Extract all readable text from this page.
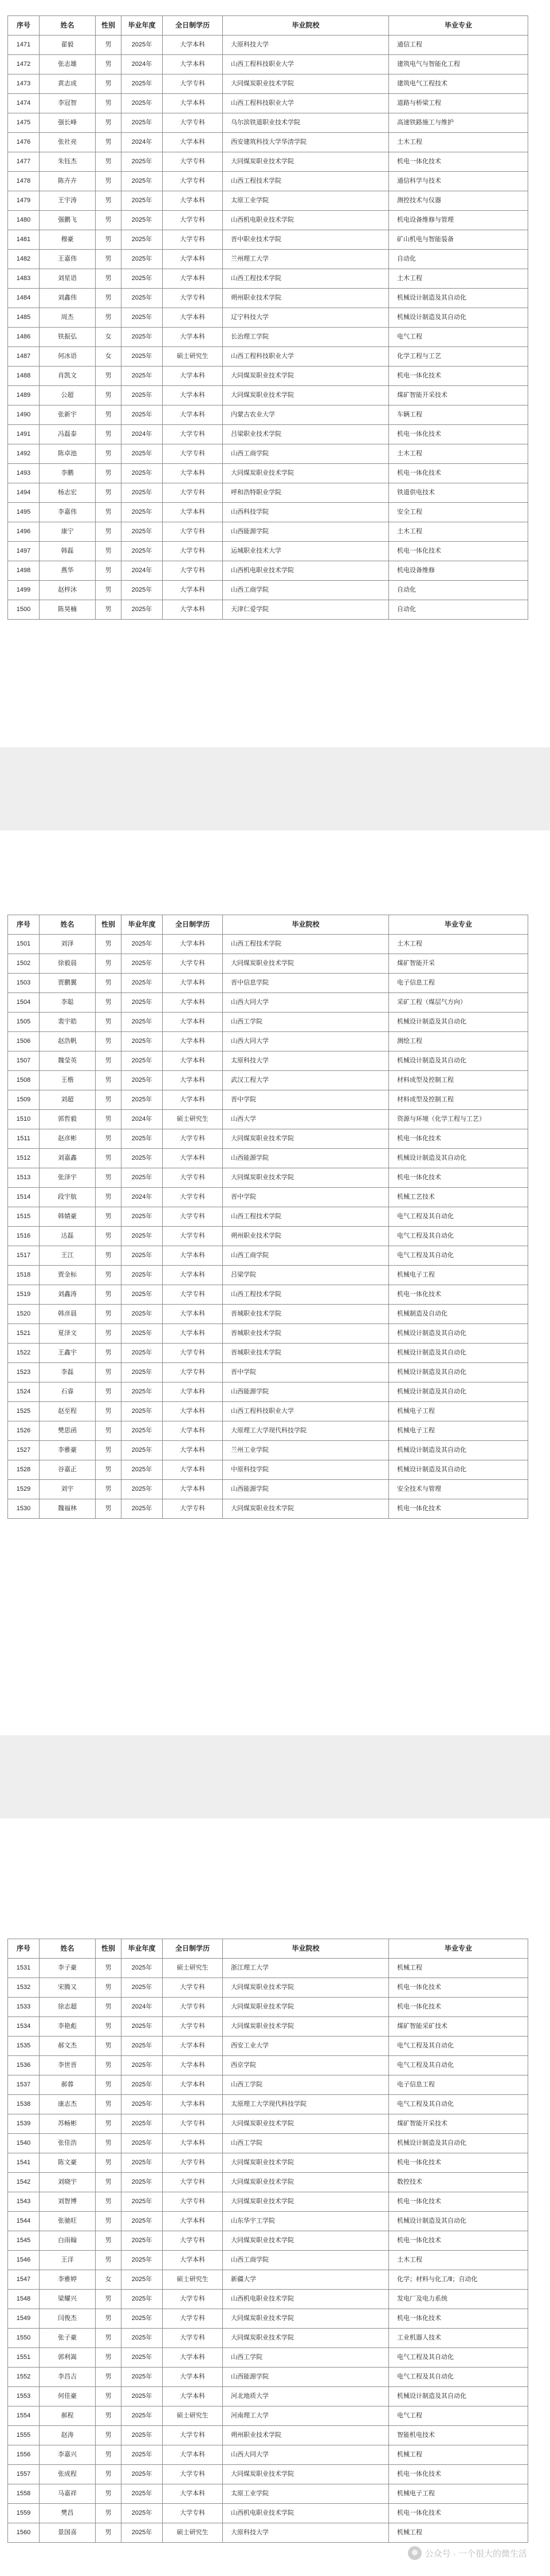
序号	姓名	性别	毕业年度	全日制学历	毕业院校	毕业专业
1471	翟毅	男	2025年	大学本科	大原科技大学	通信工程
1472	张志雄	男	2024年	大学本科	山西工程科技职业大学	建筑电气与智能化工程
1473	黄志成	男	2025年	大学专科	大同煤炭职业技术学院	建筑电气工程技术
1474	李冠智	男	2025年	大学本科	山西工程科技职业大学	道路与桥梁工程
1475	强长峰	男	2025年	大学专科	乌尔滨铁道职业技术学院	高速铁路施工与维护
1476	张社亮	男	2024年	大学本科	西安建筑科技大学华清学院	土木工程
1477	朱钰杰	男	2025年	大学专科	大同煤炭职业技术学院	机电一体化技术
1478	陈卉卉	男	2025年	大学专科	山西工程技术学院	通信科学与技术
1479	王宇涛	男	2025年	大学本科	太原工业学院	测控技术与仪器
1480	强鹏飞	男	2025年	大学专科	山西机电职业技术学院	机电设备维修与管理
1481	穆豪	男	2025年	大学专科	晋中职业技术学院	矿山机电与智能装备
1482	王嘉伟	男	2025年	大学本科	兰州理工大学	自动化
1483	刘星语	男	2025年	大学本科	山西工程技术学院	土木工程
1484	刘鑫伟	男	2025年	大学专科	朔州职业技术学院	机械设计制造及其自动化
1485	周杰	男	2025年	大学本科	辽宁科技大学	机械设计制造及其自动化
1486	铁振弘	女	2025年	大学本科	长治理工学院	电气工程
1487	何冰语	女	2025年	硕士研究生	山西工程科技职业大学	化学工程与工艺
1488	肖凯文	男	2025年	大学本科	大同煤炭职业技术学院	机电一体化技术
1489	公超	男	2025年	大学本科	大同煤炭职业技术学院	煤矿智能开采技术
1490	张新宇	男	2025年	大学本科	内蒙古农业大学	车辆工程
1491	冯磊泰	男	2024年	大学专科	吕梁职业技术学院	机电一体化技术
1492	陈卓池	男	2025年	大学专科	山西工商学院	土木工程
1493	李鹏	男	2025年	大学本科	大同煤炭职业技术学院	机电一体化技术
1494	杨志宏	男	2025年	大学专科	呼和浩特职业学院	铁道供电技术
1495	李嘉伟	男	2025年	大学本科	山西科技学院	安全工程
1496	康宁	男	2025年	大学专科	山西能源学院	土木工程
1497	韩磊	男	2025年	大学专科	运城职业技术大学	机电一体化技术
1498	燕华	男	2024年	大学专科	山西机电职业技术学院	机电设备维修
1499	赵梓沐	男	2025年	大学本科	山西工商学院	自动化
1500	陈昊楠	男	2025年	大学本科	天津仁爱学院	自动化
序号	姓名	性别	毕业年度	全日制学历	毕业院校	毕业专业
1501	刘泽	男	2025年	大学本科	山西工程技术学院	土木工程
1502	徐毅晨	男	2025年	大学专科	大同煤炭职业技术学院	煤矿智能开采
1503	贾鹏翼	男	2025年	大学本科	晋中信息学院	电子信息工程
1504	李聪	男	2025年	大学本科	山西大同大学	采矿工程（煤层气方向）
1505	裴宇皓	男	2025年	大学本科	山西工学院	机械设计制造及其自动化
1506	赵浩帆	男	2025年	大学本科	山西大同大学	测绘工程
1507	魏莹英	男	2025年	大学本科	太原科技大学	机械设计制造及其自动化
1508	王楷	男	2025年	大学本科	武汉工程大学	材料成型及控制工程
1509	刘超	男	2025年	大学本科	晋中学院	材料成型及控制工程
1510	郭哲毅	男	2024年	硕士研究生	山西大学	资源与环境（化学工程与工艺）
1511	赵彦彬	男	2025年	大学专科	大同煤炭职业技术学院	机电一体化技术
1512	刘嘉鑫	男	2025年	大学本科	山西能源学院	机械设计制造及其自动化
1513	张泽宇	男	2025年	大学专科	大同煤炭职业技术学院	机电一体化技术
1514	段宇航	男	2024年	大学专科	晋中学院	机械工艺技术
1515	韩婧豪	男	2025年	大学专科	山西工程技术学院	电气工程及其自动化
1516	达磊	男	2025年	大学专科	朔州职业技术学院	电气工程及其自动化
1517	王江	男	2025年	大学本科	山西工商学院	电气工程及其自动化
1518	贾金标	男	2025年	大学本科	吕梁学院	机械电子工程
1519	刘鑫涛	男	2025年	大学专科	山西工程技术学院	机电一体化技术
1520	韩彦晨	男	2025年	大学本科	晋城职业技术学院	机械制造及自动化
1521	夏泽文	男	2025年	大学本科	晋城职业技术学院	机械设计制造及其自动化
1522	王鑫宇	男	2025年	大学专科	晋城职业技术学院	机械设计制造及其自动化
1523	李磊	男	2025年	大学专科	晋中学院	机械设计制造及其自动化
1524	石睿	男	2025年	大学本科	山西能源学院	机械设计制造及其自动化
1525	赵至程	男	2025年	大学本科	山西工程科技职业大学	机械电子工程
1526	樊思函	男	2025年	大学本科	大原理工大学现代科技学院	机械电子工程
1527	李雅豪	男	2025年	大学本科	兰州工业学院	机械设计制造及其自动化
1528	谷嘉正	男	2025年	大学本科	中原科技学院	机械设计制造及其自动化
1529	刘宇	男	2025年	大学本科	山西能源学院	安全技术与管理
1530	魏福林	男	2025年	大学专科	大同煤炭职业技术学院	机电一体化技术
序号	姓名	性别	毕业年度	全日制学历	毕业院校	毕业专业
1531	李子豪	男	2025年	硕士研究生	浙江理工大学	机械工程
1532	宋腾又	男	2025年	大学专科	大同煤炭职业技术学院	机电一体化技术
1533	徐志超	男	2024年	大学专科	大同煤炭职业技术学院	机电一体化技术
1534	李艳彪	男	2025年	大学专科	大同煤炭职业技术学院	煤矿智能采矿技术
1535	郝文杰	男	2025年	大学本科	西安工业大学	电气工程及其自动化
1536	李世晋	男	2025年	大学本科	西京学院	电气工程及其自动化
1537	郝蓉	男	2025年	大学本科	山西工学院	电子信息工程
1538	康志杰	男	2025年	大学本科	太原理工大学现代科技学院	电气工程及其自动化
1539	苏畅彬	男	2025年	大学专科	大同煤炭职业技术学院	煤矿智能开采技术
1540	张佳浩	男	2025年	大学本科	山西工学院	机械设计制造及其自动化
1541	陈文豪	男	2025年	大学专科	大同煤炭职业技术学院	机电一体化技术
1542	刘晓宇	男	2025年	大学专科	大同煤炭职业技术学院	数控技术
1543	刘智博	男	2025年	大学专科	大同煤炭职业技术学院	机电一体化技术
1544	张驰旺	男	2025年	大学本科	山东华宇工学院	机械设计制造及其自动化
1545	白雨翰	男	2025年	大学专科	大同煤炭职业技术学院	机电一体化技术
1546	王洋	男	2025年	大学本科	山西工商学院	土木工程
1547	李雅婷	女	2025年	硕士研究生	新疆大学	化学；材料与化工/Ⅱ；自动化
1548	梁耀兴	男	2025年	大学专科	山西机电职业技术学院	发电厂及电力系统
1549	闫俊杰	男	2025年	大学专科	大同煤炭职业技术学院	机电一体化技术
1550	张子豪	男	2025年	大学专科	大同煤炭职业技术学院	工业机器人技术
1551	郭利嵩	男	2025年	大学本科	山西工学院	电气工程及其自动化
1552	李昌吉	男	2025年	大学本科	山西能源学院	电气工程及其自动化
1553	何佳豪	男	2025年	大学本科	河北地质大学	机械设计制造及其自动化
1554	郝程	男	2025年	硕士研究生	河南理工大学	电气工程
1555	赵涛	男	2025年	大学专科	朔州职业技术学院	智能机电技术
1556	李嘉兴	男	2025年	大学本科	山西大同大学	机械工程
1557	张成程	男	2025年	大学专科	大同煤炭职业技术学院	机电一体化技术
1558	马嘉祥	男	2025年	大学本科	太原工业学院	机械电子工程
1559	樊昌	男	2025年	大学专科	山西机电职业技术学院	机电一体化技术
1560	景国喜	男	2025年	硕士研究生	大原科技大学	机械工程
公众号 · 一个很大的微生活
